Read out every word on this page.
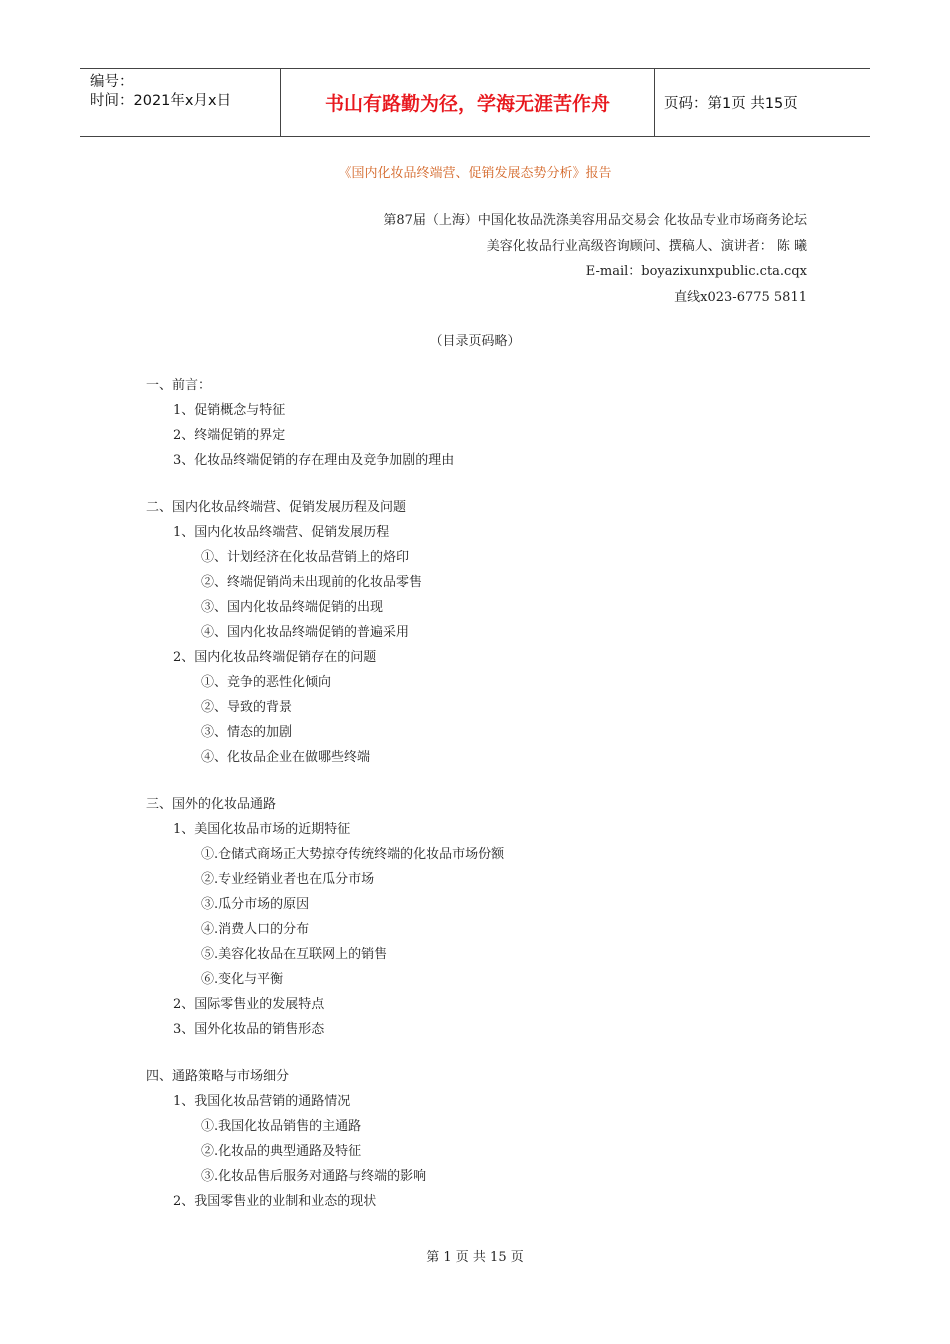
编号：
时间：2021年x月x日	书山有路勤为径，学海无涯苦作舟	页码：第1页 共15页
《国内化妆品终端营、促销发展态势分析》报告
第87届（上海）中国化妆品洗涤美容用品交易会 化妆品专业市场商务论坛
美容化妆品行业高级咨询顾问、撰稿人、演讲者： 陈 曦
E-mail：boyazixunxpublic.cta.cqx
直线x023-6775 5811
（目录页码略）
一、前言：
1、促销概念与特征
2、终端促销的界定
3、化妆品终端促销的存在理由及竞争加剧的理由
二、国内化妆品终端营、促销发展历程及问题
1、国内化妆品终端营、促销发展历程
①、计划经济在化妆品营销上的烙印
②、终端促销尚未出现前的化妆品零售
③、国内化妆品终端促销的出现
④、国内化妆品终端促销的普遍采用
2、国内化妆品终端促销存在的问题
①、竞争的恶性化倾向
②、导致的背景
③、情态的加剧
④、化妆品企业在做哪些终端
三、国外的化妆品通路
1、美国化妆品市场的近期特征
①.仓储式商场正大势掠夺传统终端的化妆品市场份额
②.专业经销业者也在瓜分市场
③.瓜分市场的原因
④.消费人口的分布
⑤.美容化妆品在互联网上的销售
⑥.变化与平衡
2、国际零售业的发展特点
3、国外化妆品的销售形态
四、通路策略与市场细分
1、我国化妆品营销的通路情况
①.我国化妆品销售的主通路
②.化妆品的典型通路及特征
③.化妆品售后服务对通路与终端的影响
2、我国零售业的业制和业态的现状
第 1 页 共 15 页
